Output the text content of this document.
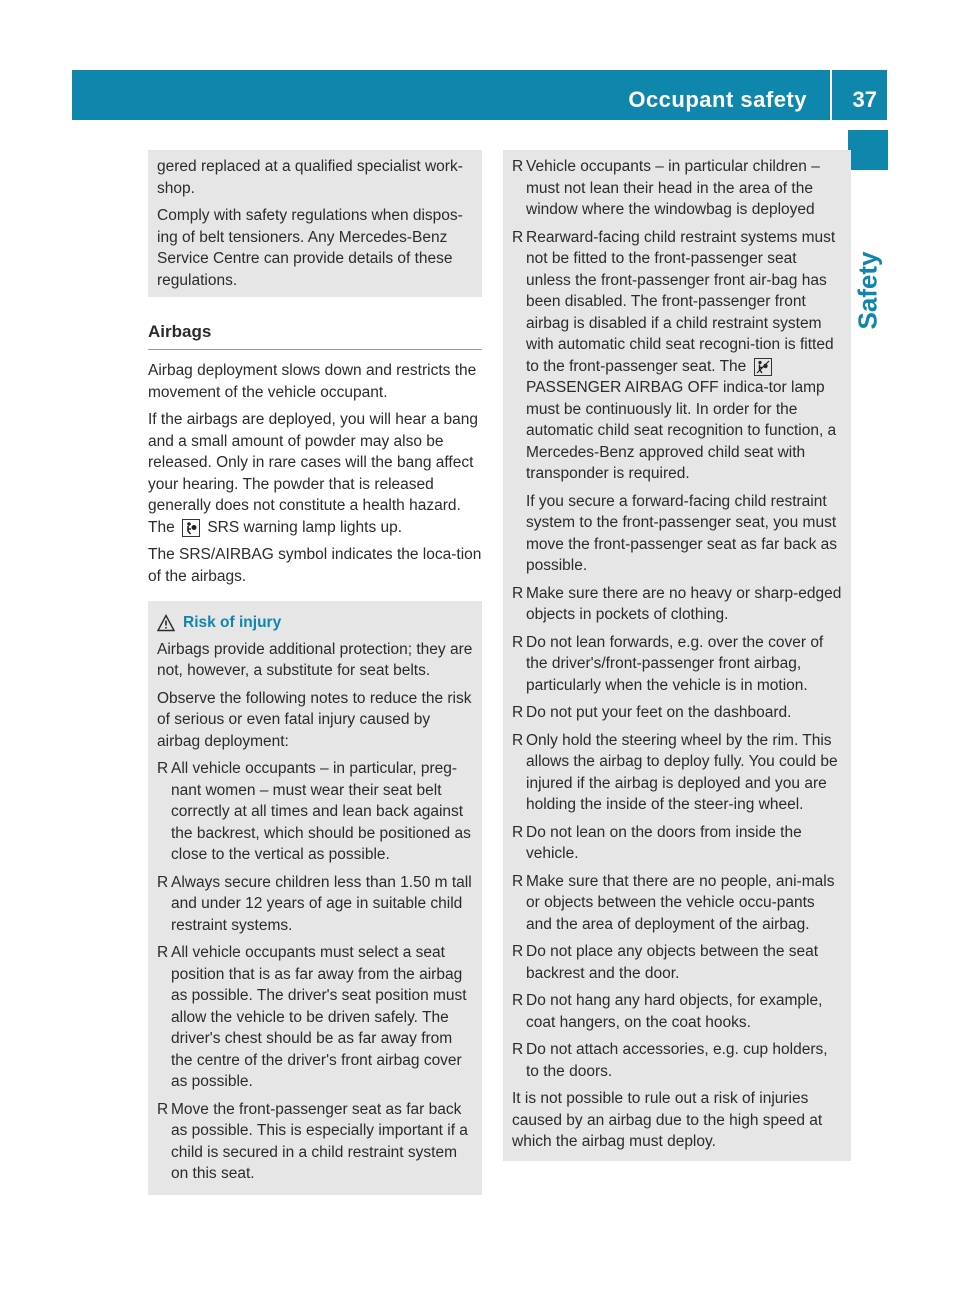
Occupant safety 37
Safety

gered replaced at a qualified specialist work-shop.

Comply with safety regulations when dispos-ing of belt tensioners. Any Mercedes-Benz Service Centre can provide details of these regulations.

Airbags

Airbag deployment slows down and restricts the movement of the vehicle occupant.

If the airbags are deployed, you will hear a bang and a small amount of powder may also be released. Only in rare cases will the bang affect your hearing. The powder that is released generally does not constitute a health hazard. The SRS warning lamp lights up.

The SRS/AIRBAG symbol indicates the loca-tion of the airbags.

Risk of injury

Airbags provide additional protection; they are not, however, a substitute for seat belts.

Observe the following notes to reduce the risk of serious or even fatal injury caused by airbag deployment:

R All vehicle occupants – in particular, preg-nant women – must wear their seat belt correctly at all times and lean back against the backrest, which should be positioned as close to the vertical as possible.
R Always secure children less than 1.50 m tall and under 12 years of age in suitable child restraint systems.
R All vehicle occupants must select a seat position that is as far away from the airbag as possible. The driver's seat position must allow the vehicle to be driven safely. The driver's chest should be as far away from the centre of the driver's front airbag cover as possible.
R Move the front-passenger seat as far back as possible. This is especially important if a child is secured in a child restraint system on this seat.
R Vehicle occupants – in particular children – must not lean their head in the area of the window where the windowbag is deployed
R Rearward-facing child restraint systems must not be fitted to the front-passenger seat unless the front-passenger front air-bag has been disabled. The front-passenger front airbag is disabled if a child restraint system with automatic child seat recogni-tion is fitted to the front-passenger seat. The
PASSENGER AIRBAG OFF indica-tor lamp must be continuously lit. In order for the automatic child seat recognition to function, a Mercedes-Benz approved child seat with transponder is required.
If you secure a forward-facing child restraint system to the front-passenger seat, you must move the front-passenger seat as far back as possible.
R Make sure there are no heavy or sharp-edged objects in pockets of clothing.
R Do not lean forwards, e.g. over the cover of the driver's/front-passenger front airbag, particularly when the vehicle is in motion.
R Do not put your feet on the dashboard.
R Only hold the steering wheel by the rim. This allows the airbag to deploy fully. You could be injured if the airbag is deployed and you are holding the inside of the steer-ing wheel.
R Do not lean on the doors from inside the vehicle.
R Make sure that there are no people, ani-mals or objects between the vehicle occu-pants and the area of deployment of the airbag.
R Do not place any objects between the seat backrest and the door.
R Do not hang any hard objects, for example, coat hangers, on the coat hooks.
R Do not attach accessories, e.g. cup holders, to the doors.

It is not possible to rule out a risk of injuries caused by an airbag due to the high speed at which the airbag must deploy.
